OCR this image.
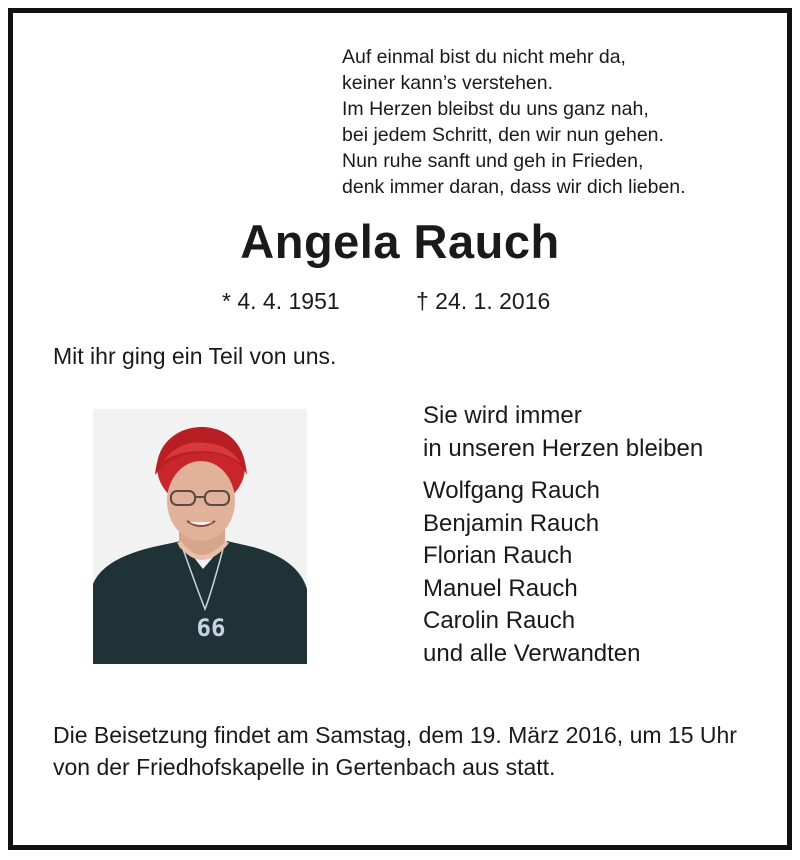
Auf einmal bist du nicht mehr da,
keiner kann’s verstehen.
Im Herzen bleibst du uns ganz nah,
bei jedem Schritt, den wir nun gehen.
Nun ruhe sanft und geh in Frieden,
denk immer daran, dass wir dich lieben.
Angela Rauch
* 4. 4. 1951	† 24. 1. 2016
Mit ihr ging ein Teil von uns.
66
Sie wird immer
in unseren Herzen bleiben
Wolfgang Rauch
Benjamin Rauch
Florian Rauch
Manuel Rauch
Carolin Rauch
und alle Verwandten
Die Beisetzung findet am Samstag, dem 19. März 2016, um 15 Uhr von der Friedhofskapelle in Gertenbach aus statt.
